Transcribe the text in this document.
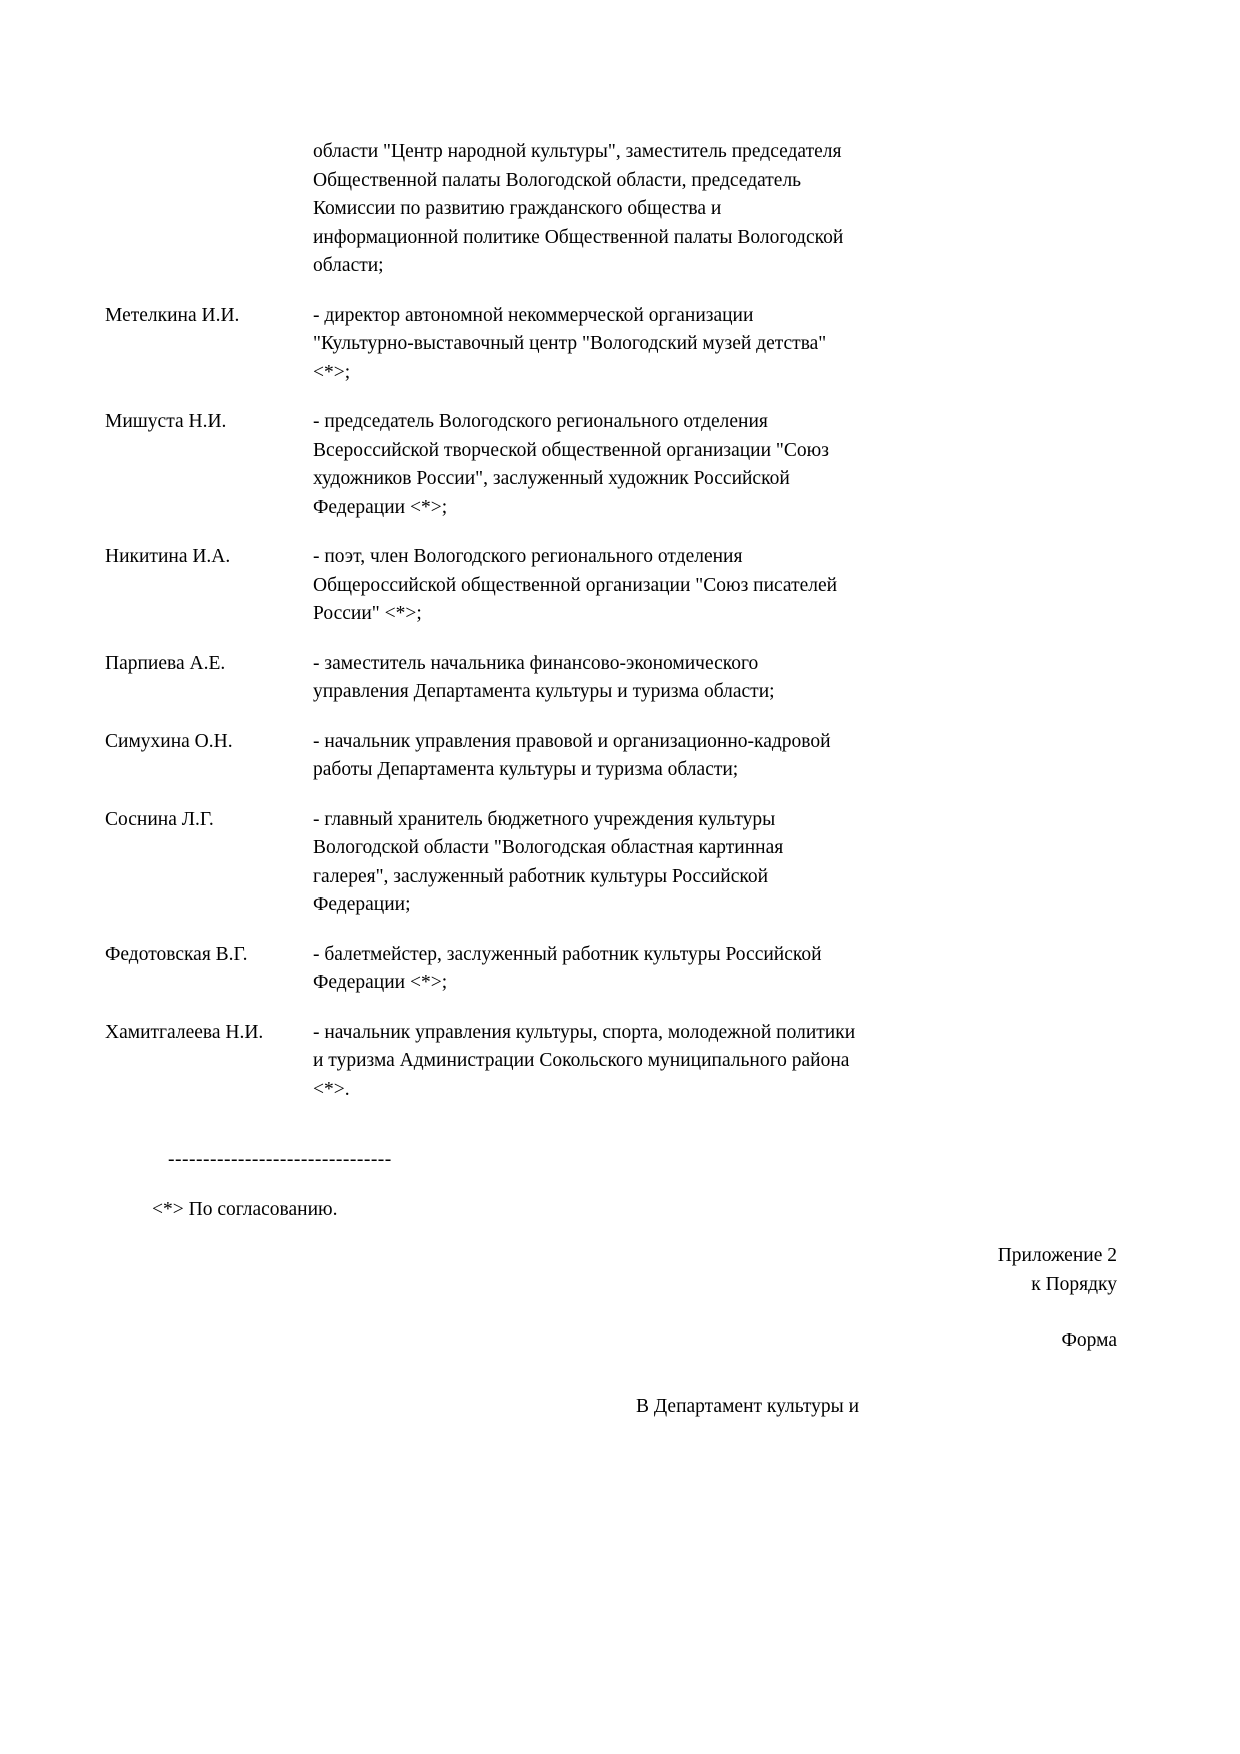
области "Центр народной культуры", заместитель председателя
Общественной палаты Вологодской области, председатель
Комиссии по развитию гражданского общества и
информационной политике Общественной палаты Вологодской
области;
Метелкина И.И.	- директор автономной некоммерческой организации
"Культурно-выставочный центр "Вологодский музей детства"
<*>;
Мишуста Н.И.	- председатель Вологодского регионального отделения
Всероссийской творческой общественной организации "Союз
художников России", заслуженный художник Российской
Федерации <*>;
Никитина И.А.	- поэт, член Вологодского регионального отделения
Общероссийской общественной организации "Союз писателей
России" <*>;
Парпиева А.Е.	- заместитель начальника финансово-экономического
управления Департамента культуры и туризма области;
Симухина О.Н.	- начальник управления правовой и организационно-кадровой
работы Департамента культуры и туризма области;
Соснина Л.Г.	- главный хранитель бюджетного учреждения культуры
Вологодской области "Вологодская областная картинная
галерея", заслуженный работник культуры Российской
Федерации;
Федотовская В.Г.	- балетмейстер, заслуженный работник культуры Российской
Федерации <*>;
Хамитгалеева Н.И.	- начальник управления культуры, спорта, молодежной политики
и туризма Администрации Сокольского муниципального района
<*>.
--------------------------------
<*> По согласованию.
Приложение 2
к Порядку
Форма
В Департамент культуры и
